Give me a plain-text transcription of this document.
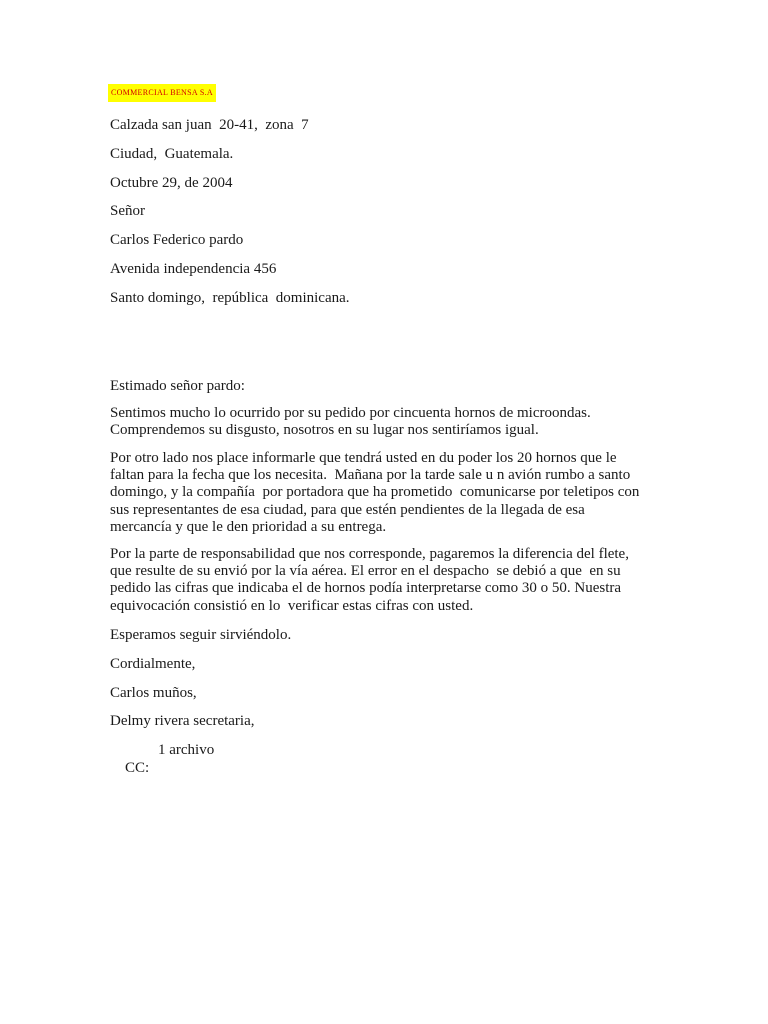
COMMERCIAL BENSA S.A

Calzada san juan  20-41,  zona  7

Ciudad,  Guatemala.

Octubre 29, de 2004

Señor

Carlos Federico pardo

Avenida independencia 456

Santo domingo,  república  dominicana.

Estimado señor pardo:

Sentimos mucho lo ocurrido por su pedido por cincuenta hornos de microondas.
Comprendemos su disgusto, nosotros en su lugar nos sentiríamos igual.
Por otro lado nos place informarle que tendrá usted en du poder los 20 hornos que le
faltan para la fecha que los necesita.  Mañana por la tarde sale u n avión rumbo a santo
domingo, y la compañía  por portadora que ha prometido  comunicarse por teletipos con
sus representantes de esa ciudad, para que estén pendientes de la llegada de esa
mercancía y que le den prioridad a su entrega.
Por la parte de responsabilidad que nos corresponde, pagaremos la diferencia del flete,
que resulte de su envió por la vía aérea. El error en el despacho  se debió a que  en su
pedido las cifras que indicaba el de hornos podía interpretarse como 30 o 50. Nuestra
equivocación consistió en lo  verificar estas cifras con usted.

Esperamos seguir sirviéndolo.

Cordialmente,

Carlos muños,

Delmy rivera secretaria,

CC:

1 archivo
